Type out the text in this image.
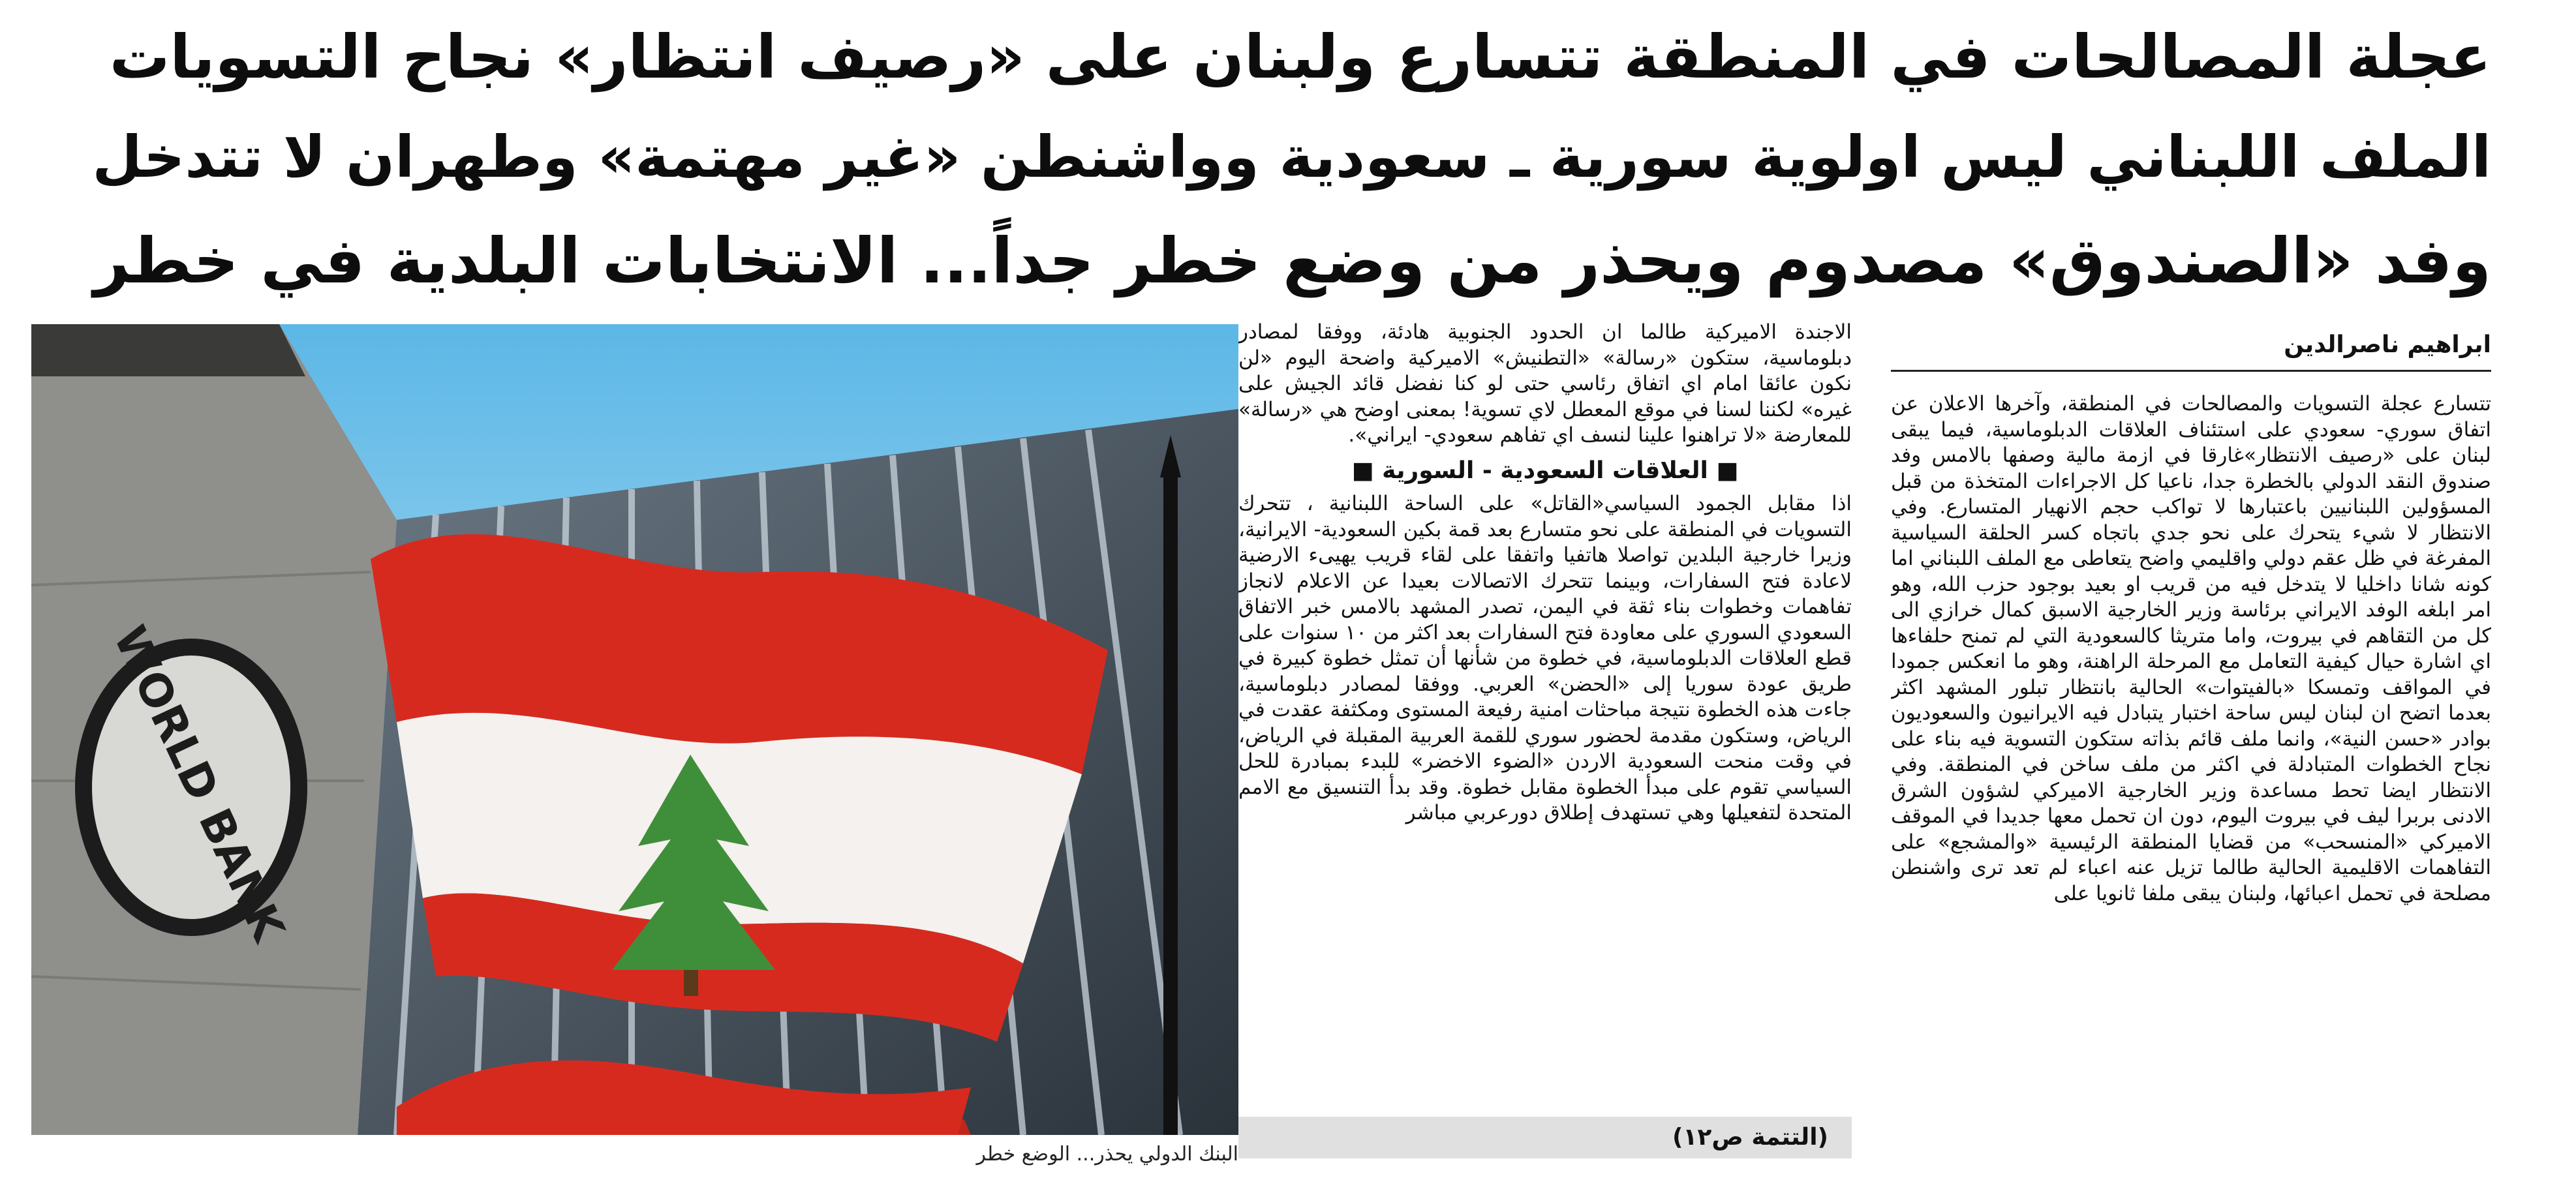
عجلة المصالحات في المنطقة تتسارع ولبنان على «رصيف انتظار» نجاح التسويات
الملف اللبناني ليس اولوية سورية ـ سعودية وواشنطن «غير مهتمة» وطهران لا تتدخل
وفد «الصندوق» مصدوم ويحذر من وضع خطر جداً... الانتخابات البلدية في خطر
ابراهيم ناصرالدين

تتسارع عجلة التسويات والمصالحات في المنطقة، وآخرها الاعلان عن اتفاق سوري- سعودي على استئناف العلاقات الدبلوماسية، فيما يبقى لبنان على «رصيف الانتظار»غارقا في ازمة مالية وصفها بالامس وفد صندوق النقد الدولي بالخطرة جدا، ناعيا كل الاجراءات المتخذة من قبل المسؤولين اللبنانيين باعتبارها لا تواكب حجم الانهيار المتسارع. وفي الانتظار لا شيء يتحرك على نحو جدي باتجاه كسر الحلقة السياسية المفرغة في ظل عقم دولي واقليمي واضح يتعاطى مع الملف اللبناني اما كونه شانا داخليا لا يتدخل فيه من قريب او بعيد بوجود حزب الله، وهو امر ابلغه الوفد الايراني برئاسة وزير الخارجية الاسبق كمال خرازي الى كل من التقاهم في بيروت، واما متريثا كالسعودية التي لم تمنح حلفاءها اي اشارة حيال كيفية التعامل مع المرحلة الراهنة، وهو ما انعكس جمودا في المواقف وتمسكا «بالفيتوات» الحالية بانتظار تبلور المشهد اكثر بعدما اتضح ان لبنان ليس ساحة اختبار يتبادل فيه الايرانيون والسعوديون بوادر «حسن النية»، وانما ملف قائم بذاته ستكون التسوية فيه بناء على نجاح الخطوات المتبادلة في اكثر من ملف ساخن في المنطقة. وفي الانتظار ايضا تحط مساعدة وزير الخارجية الاميركي لشؤون الشرق الادنى بربرا ليف في بيروت اليوم، دون ان تحمل معها جديدا في الموقف الاميركي «المنسحب» من قضايا المنطقة الرئيسية «والمشجع» على التفاهمات الاقليمية الحالية طالما تزيل عنه اعباء لم تعد ترى واشنطن مصلحة في تحمل اعبائها، ولبنان يبقى ملفا ثانويا على

الاجندة الاميركية طالما ان الحدود الجنوبية هادئة، ووفقا لمصادر دبلوماسية، ستكون «رسالة» «التطنيش» الاميركية واضحة اليوم «لن نكون عائقا امام اي اتفاق رئاسي حتى لو كنا نفضل قائد الجيش على غيره» لكننا لسنا في موقع المعطل لاي تسوية! بمعنى اوضح هي «رسالة» للمعارضة «لا تراهنوا علينا لنسف اي تفاهم سعودي- ايراني».

■ العلاقات السعودية - السورية ■

اذا مقابل الجمود السياسي«القاتل» على الساحة اللبنانية ، تتحرك التسويات في المنطقة على نحو متسارع بعد قمة بكين السعودية- الايرانية، وزيرا خارجية البلدين تواصلا هاتفيا واتفقا على لقاء قريب يهيىء الارضية لاعادة فتح السفارات، وبينما تتحرك الاتصالات بعيدا عن الاعلام لانجاز تفاهمات وخطوات بناء ثقة في اليمن، تصدر المشهد بالامس خبر الاتفاق السعودي السوري على معاودة فتح السفارات بعد اكثر من ١٠ سنوات على قطع العلاقات الدبلوماسية، في خطوة من شأنها أن تمثل خطوة كبيرة في طريق عودة سوريا إلى «الحضن» العربي. ووفقا لمصادر دبلوماسية، جاءت هذه الخطوة نتيجة مباحثات امنية رفيعة المستوى ومكثفة عقدت في الرياض، وستكون مقدمة لحضور سوري للقمة العربية المقبلة في الرياض، في وقت منحت السعودية الاردن «الضوء الاخضر» للبدء بمبادرة للحل السياسي تقوم على مبدأ الخطوة مقابل خطوة. وقد بدأ التنسيق مع الامم المتحدة لتفعيلها وهي تستهدف إطلاق دورعربي مباشر

(التتمة ص١٢)
WORLD BANK
البنك الدولي يحذر... الوضع خطر
